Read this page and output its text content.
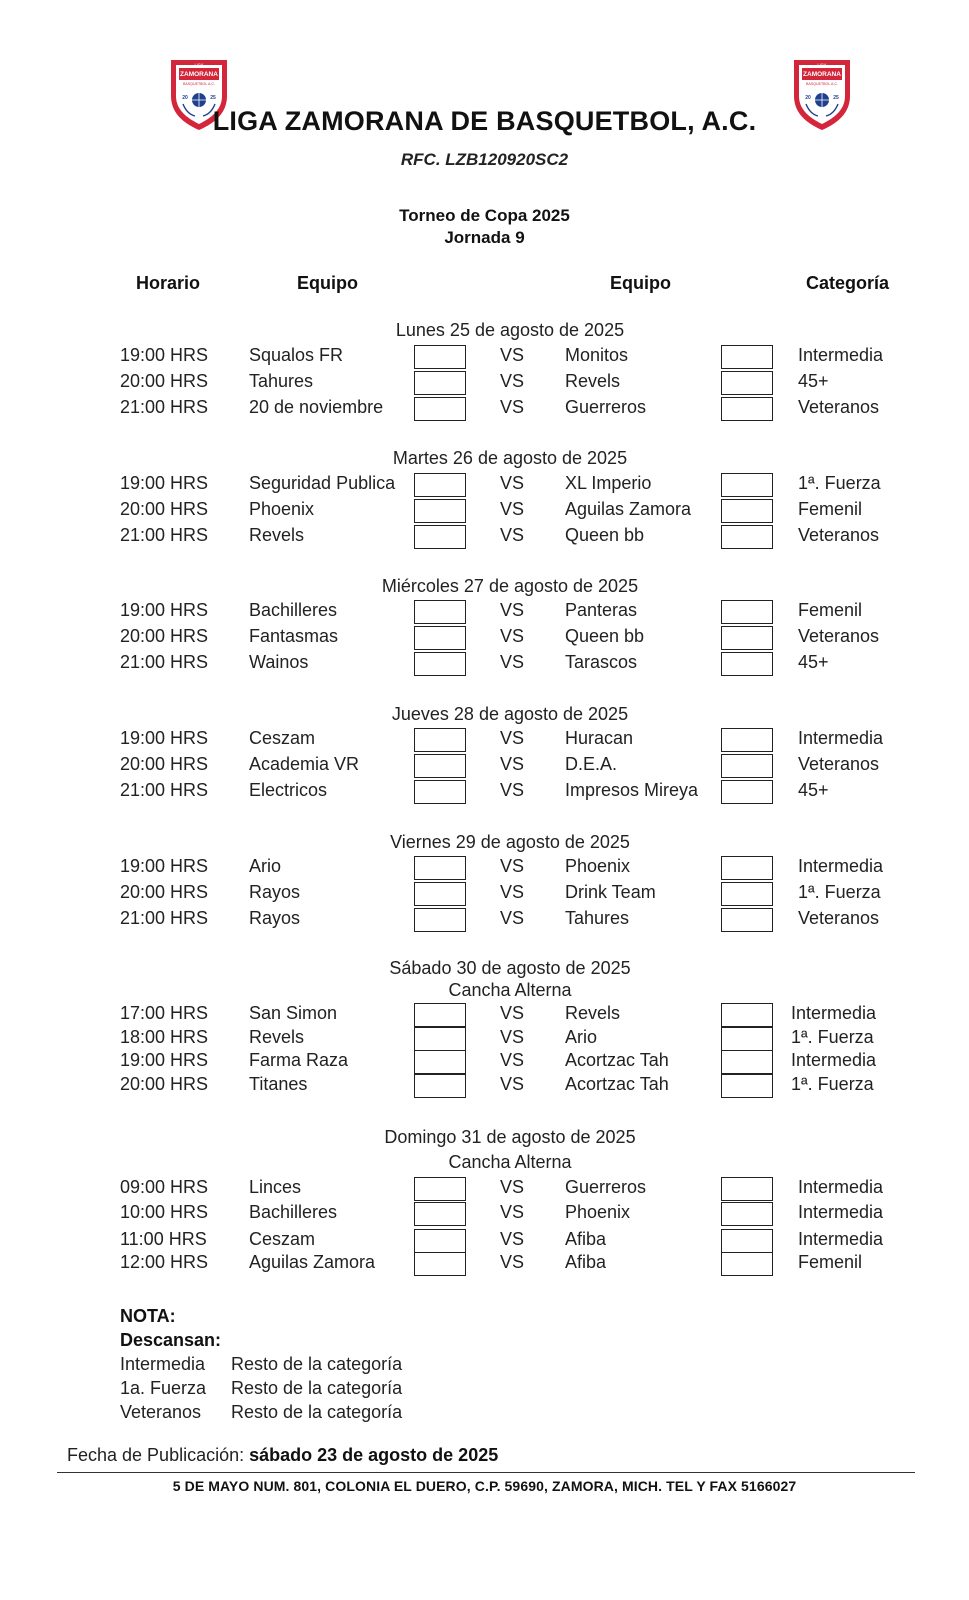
LIGA
ZAMORANA
BASQUETBOL A.C.
20	25
LIGA
ZAMORANA
BASQUETBOL A.C.
20	25
LIGA ZAMORANA DE BASQUETBOL, A.C.
RFC. LZB120920SC2
Torneo de Copa 2025
Jornada 9
Horario	Equipo	Equipo	Categoría
Lunes 25 de agosto de 2025
19:00 HRS Squalos FR	VS Monitos	Intermedia
20:00 HRS Tahures	VS Revels	45+
21:00 HRS 20 de noviembre	VS Guerreros	Veteranos
Martes 26 de agosto de 2025
19:00 HRS Seguridad Publica	VS XL Imperio	1ª. Fuerza
20:00 HRS Phoenix	VS Aguilas Zamora	Femenil
21:00 HRS Revels	VS Queen bb	Veteranos
Miércoles 27 de agosto de 2025
19:00 HRS Bachilleres	VS Panteras	Femenil
20:00 HRS Fantasmas	VS Queen bb	Veteranos
21:00 HRS Wainos	VS Tarascos	45+
Jueves 28 de agosto de 2025
19:00 HRS Ceszam	VS Huracan	Intermedia
20:00 HRS Academia VR	VS D.E.A.	Veteranos
21:00 HRS Electricos	VS Impresos Mireya	45+
Viernes 29 de agosto de 2025
19:00 HRS Ario	VS Phoenix	Intermedia
20:00 HRS Rayos	VS Drink Team	1ª. Fuerza
21:00 HRS Rayos	VS Tahures	Veteranos
Sábado 30 de agosto de 2025
Cancha Alterna
17:00 HRS San Simon	VS Revels	Intermedia
18:00 HRS Revels	VS Ario	1ª. Fuerza
19:00 HRS Farma Raza	VS Acortzac Tah	Intermedia
20:00 HRS Titanes	VS Acortzac Tah	1ª. Fuerza
Domingo 31 de agosto de 2025
Cancha Alterna
09:00 HRS Linces	VS Guerreros	Intermedia
10:00 HRS Bachilleres	VS Phoenix	Intermedia
11:00 HRS Ceszam	VS Afiba	Intermedia
12:00 HRS Aguilas Zamora	VS Afiba	Femenil
NOTA:
Descansan:
Intermedia Resto de la categoría
1a. Fuerza Resto de la categoría
Veteranos Resto de la categoría
Fecha de Publicación: sábado 23 de agosto de 2025
5 DE MAYO NUM. 801, COLONIA EL DUERO, C.P. 59690, ZAMORA, MICH. TEL Y FAX 5166027
